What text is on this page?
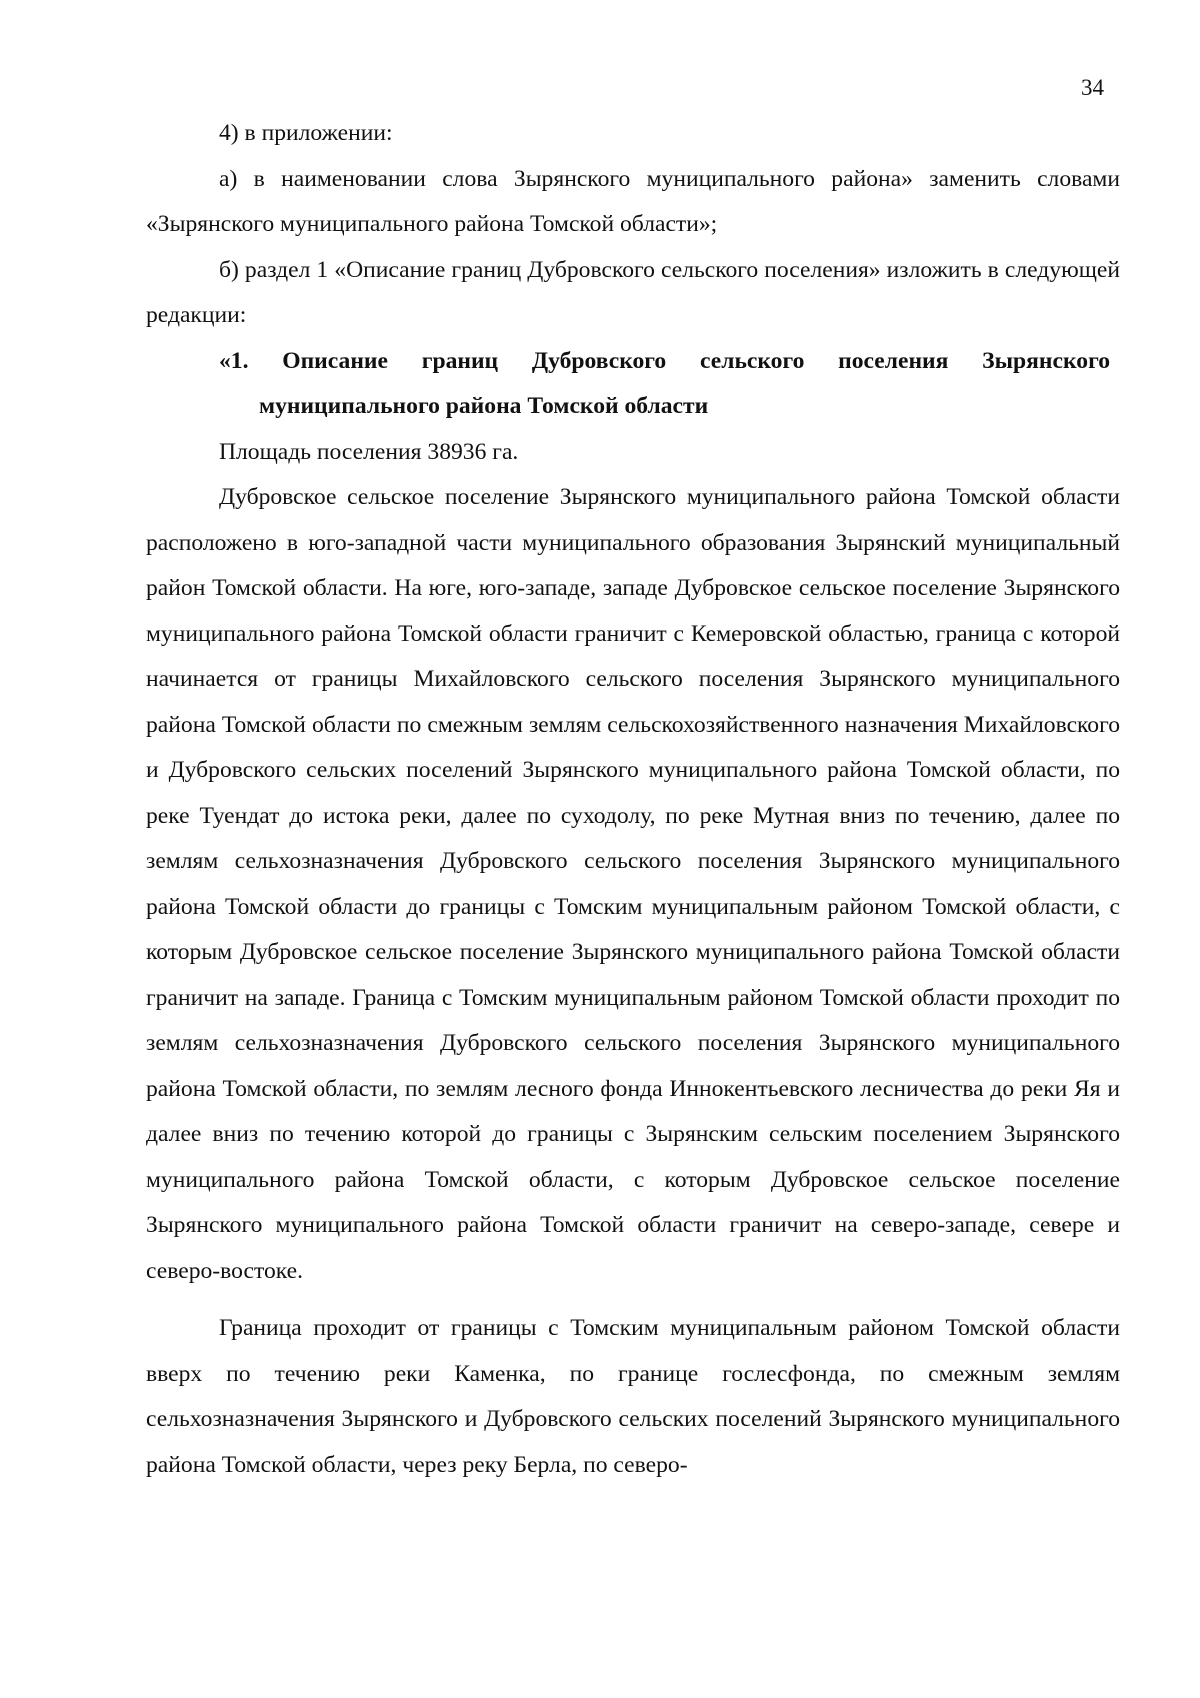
34

4) в приложении:

а) в наименовании слова Зырянского муниципального района» заменить словами «Зырянского муниципального района Томской области»;

б) раздел 1 «Описание границ Дубровского сельского поселения» изложить в следующей редакции:

«1. Описание границ Дубровского сельского поселения Зырянского
муниципального района Томской области

Площадь поселения 38936 га.

Дубровское сельское поселение Зырянского муниципального района Томской области расположено в юго-западной части муниципального образования Зырянский муниципальный район Томской области. На юге, юго-западе, западе Дубровское сельское поселение Зырянского муниципального района Томской области граничит с Кемеровской областью, граница с которой начинается от границы Михайловского сельского поселения Зырянского муниципального района Томской области по смежным землям сельскохозяйственного назначения Михайловского и Дубровского сельских поселений Зырянского муниципального района Томской области, по реке Туендат до истока реки, далее по суходолу, по реке Мутная вниз по течению, далее по землям сельхозназначения Дубровского сельского поселения Зырянского муниципального района Томской области до границы с Томским муниципальным районом Томской области, с которым Дубровское сельское поселение Зырянского муниципального района Томской области граничит на западе. Граница с Томским муниципальным районом Томской области проходит по землям сельхозназначения Дубровского сельского поселения Зырянского муниципального района Томской области, по землям лесного фонда Иннокентьевского лесничества до реки Яя и далее вниз по течению которой до границы с Зырянским сельским поселением Зырянского муниципального района Томской области, с которым Дубровское сельское поселение Зырянского муниципального района Томской области граничит на северо-западе, севере и северо-востоке.

Граница проходит от границы с Томским муниципальным районом Томской области вверх по течению реки Каменка, по границе гослесфонда, по смежным землям сельхозназначения Зырянского и Дубровского сельских поселений Зырянского муниципального района Томской области, через реку Берла, по северо-
